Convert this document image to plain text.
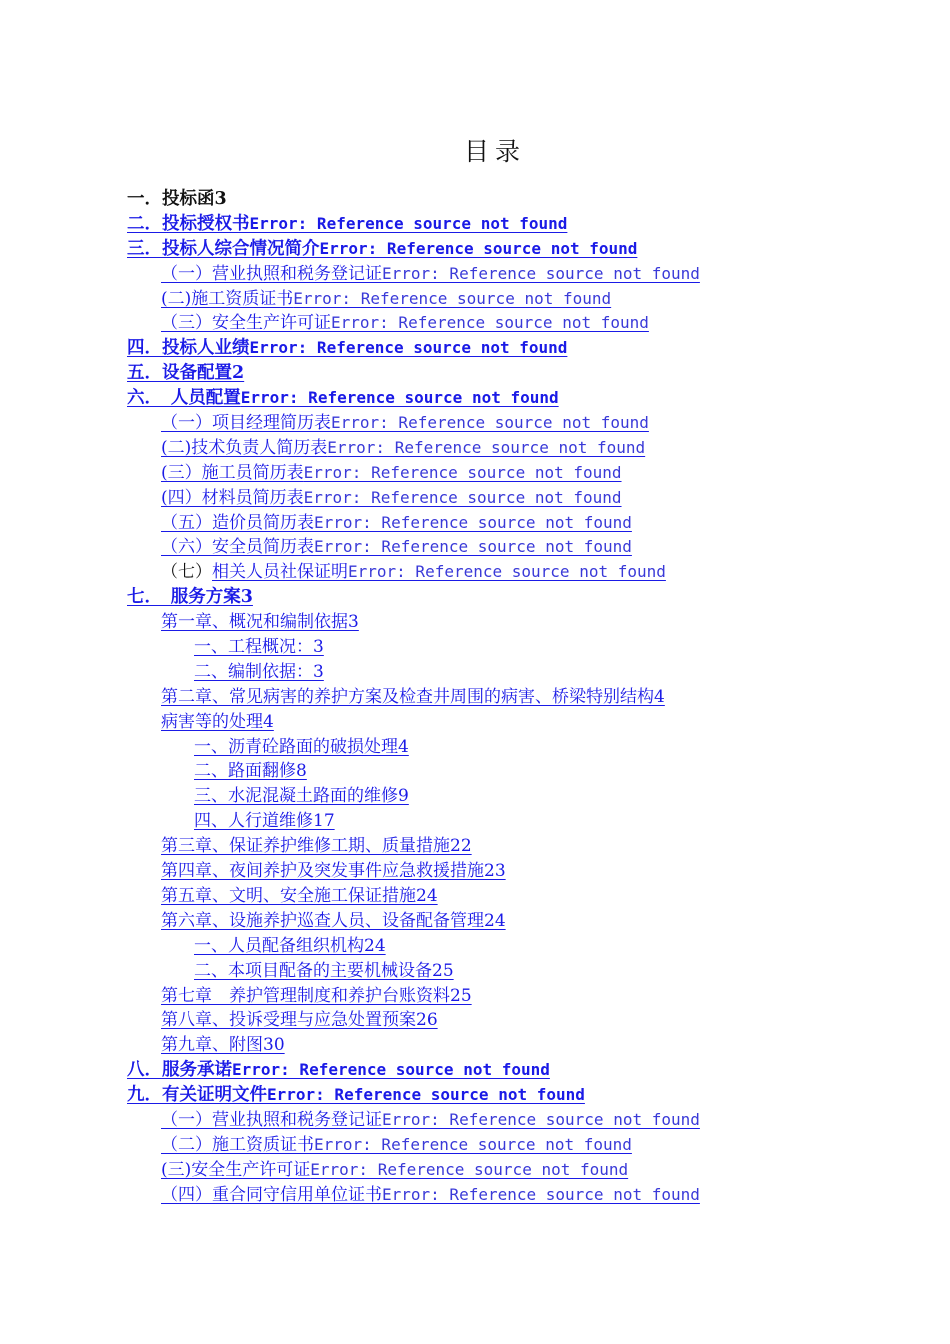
目录
一．投标函3
二．投标授权书Error: Reference source not found
三．投标人综合情况简介Error: Reference source not found
（一）营业执照和税务登记证Error: Reference source not found
(二)施工资质证书Error: Reference source not found
（三）安全生产许可证Error: Reference source not found
四．投标人业绩Error: Reference source not found
五．设备配置2
六．　人员配置Error: Reference source not found
（一）项目经理简历表Error: Reference source not found
(二)技术负责人简历表Error: Reference source not found
(三）施工员简历表Error: Reference source not found
(四）材料员简历表Error: Reference source not found
（五）造价员简历表Error: Reference source not found
（六）安全员简历表Error: Reference source not found
（七）相关人员社保证明Error: Reference source not found
七．　服务方案3
第一章、概况和编制依据3
一、工程概况：3
二、编制依据：3
第二章、常见病害的养护方案及检查井周围的病害、桥梁特别结构4
病害等的处理4
一、沥青砼路面的破损处理4
二、路面翻修8
三、水泥混凝土路面的维修9
四、人行道维修17
第三章、保证养护维修工期、质量措施22
第四章、夜间养护及突发事件应急救援措施23
第五章、文明、安全施工保证措施24
第六章、设施养护巡查人员、设备配备管理24
一、人员配备组织机构24
二、本项目配备的主要机械设备25
第七章　养护管理制度和养护台账资料25
第八章、投诉受理与应急处置预案26
第九章、附图30
八．服务承诺Error: Reference source not found
九．有关证明文件Error: Reference source not found
（一）营业执照和税务登记证Error: Reference source not found
（二）施工资质证书Error: Reference source not found
(三)安全生产许可证Error: Reference source not found
（四）重合同守信用单位证书Error: Reference source not found
